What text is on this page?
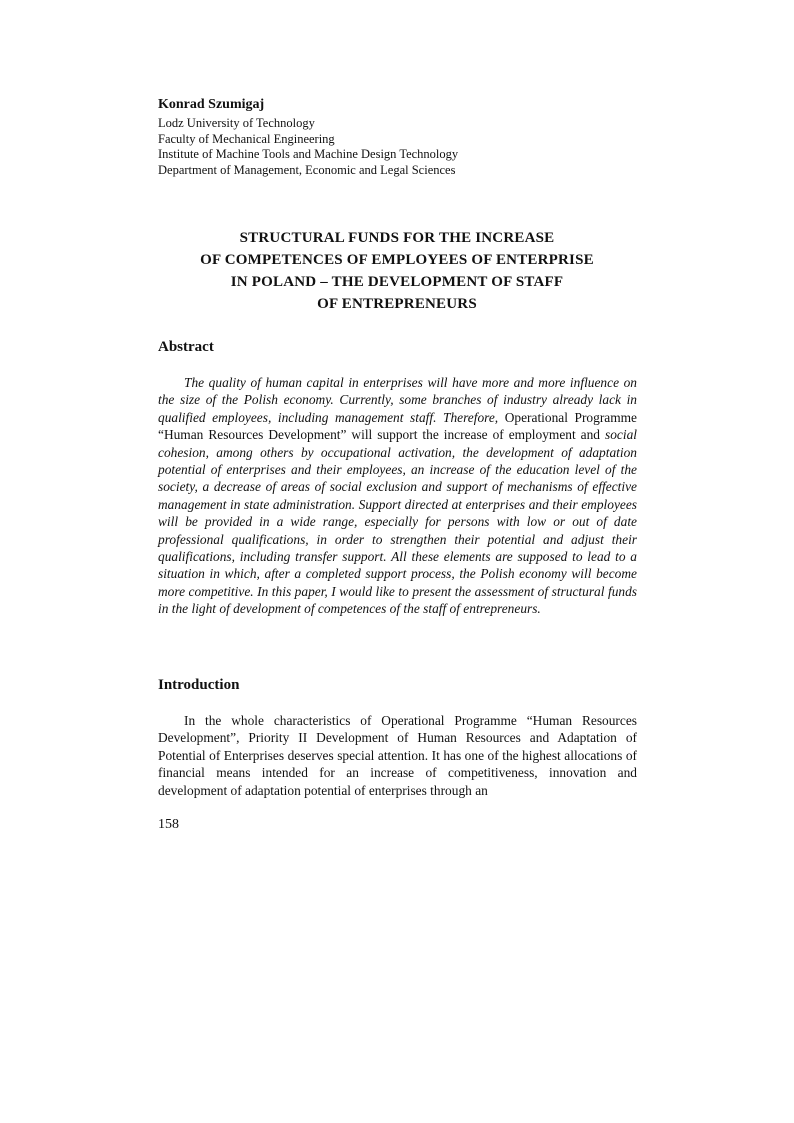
Konrad Szumigaj

Lodz University of Technology

Faculty of Mechanical Engineering

Institute of Machine Tools and Machine Design Technology

Department of Management, Economic and Legal Sciences

STRUCTURAL FUNDS FOR THE INCREASE
OF COMPETENCES OF EMPLOYEES OF ENTERPRISE
IN POLAND – THE DEVELOPMENT OF STAFF
OF ENTREPRENEURS
Abstract

The quality of human capital in enterprises will have more and more influence on the size of the Polish economy. Currently, some branches of industry already lack in qualified employees, including management staff. Therefore, Operational Programme “Human Resources Development” will support the increase of employment and social cohesion, among others by occupational activation, the development of adaptation potential of enterprises and their employees, an increase of the education level of the society, a decrease of areas of social exclusion and support of mechanisms of effective management in state administration. Support directed at enterprises and their employees will be provided in a wide range, especially for persons with low or out of date professional qualifications, in order to strengthen their potential and adjust their qualifications, including transfer support. All these elements are supposed to lead to a situation in which, after a completed support process, the Polish economy will become more competitive. In this paper, I would like to present the assessment of structural funds in the light of development of competences of the staff of entrepreneurs.

Introduction

In the whole characteristics of Operational Programme “Human Resources Development”, Priority II Development of Human Resources and Adaptation of Potential of Enterprises deserves special attention. It has one of the highest allocations of financial means intended for an increase of competitiveness, innovation and development of adaptation potential of enterprises through an

158
